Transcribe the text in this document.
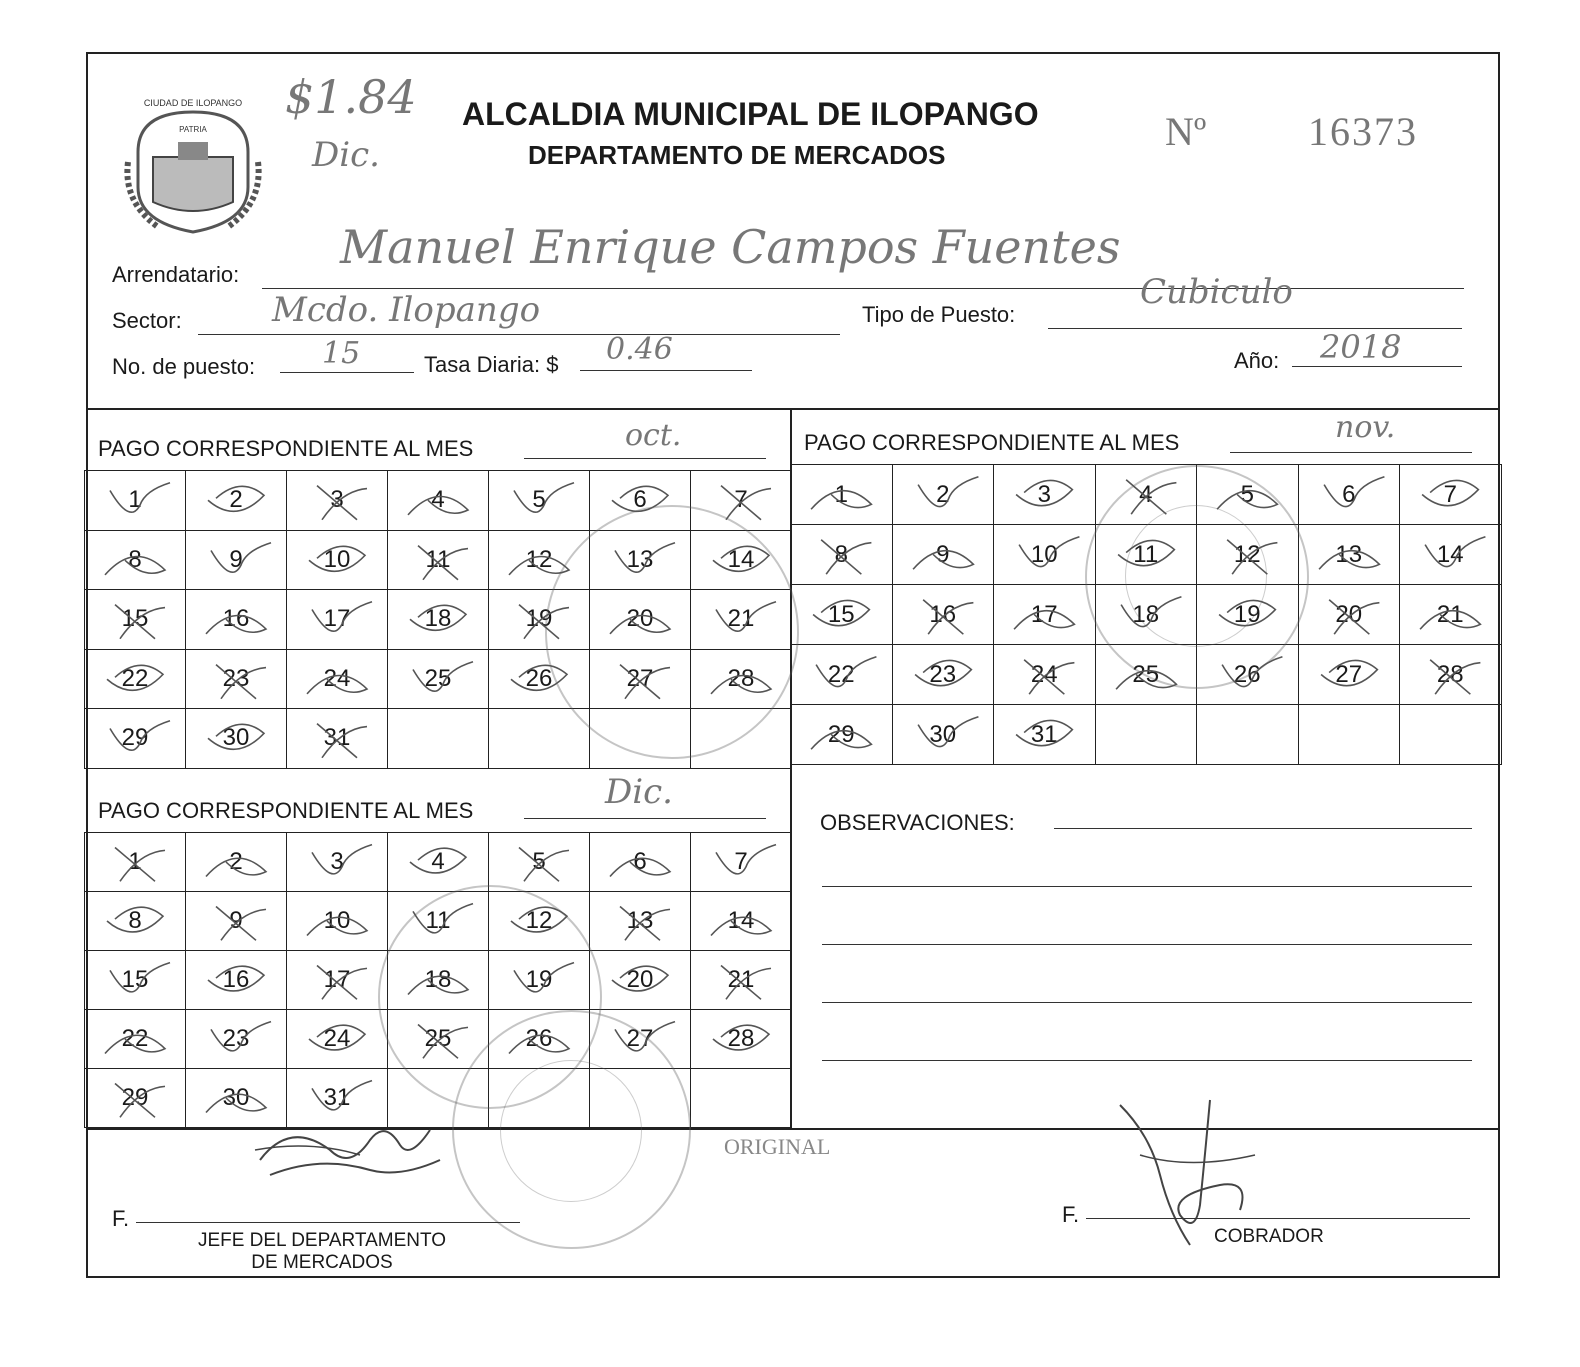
CIUDAD DE ILOPANGO
PATRIA
$1.84
Dic.
ALCALDIA MUNICIPAL DE ILOPANGO
DEPARTAMENTO DE MERCADOS
Nº	16373
Arrendatario:
Manuel Enrique Campos Fuentes
Sector:	Mcdo. Ilopango	Tipo de Puesto:
Cubiculo
No. de puesto: 15	Tasa Diaria: $ 0.46	Año: 2018
PAGO CORRESPONDIENTE AL MES	oct.	PAGO CORRESPONDIENTE AL MES	nov.
PAGO CORRESPONDIENTE AL MES	Dic.
1	2	3	4	5	6	7
8	9	10	11	12	13	14
15	16	17	18	19	20	21
22	23	24	25	26	27	28
29	30	31
1	2	3	4	5	6	7
8	9	10	11	12	13	14
15	16	17	18	19	20	21
22	23	24	25	26	27	28
29	30	31
1	2	3	4	5	6	7
8	9	10	11	12	13	14
15	16	17	18	19	20	21
22	23	24	25	26	27	28
29	30	31
OBSERVACIONES:
ORIGINAL
F.
JEFE DEL DEPARTAMENTO
DE MERCADOS
F.
COBRADOR
